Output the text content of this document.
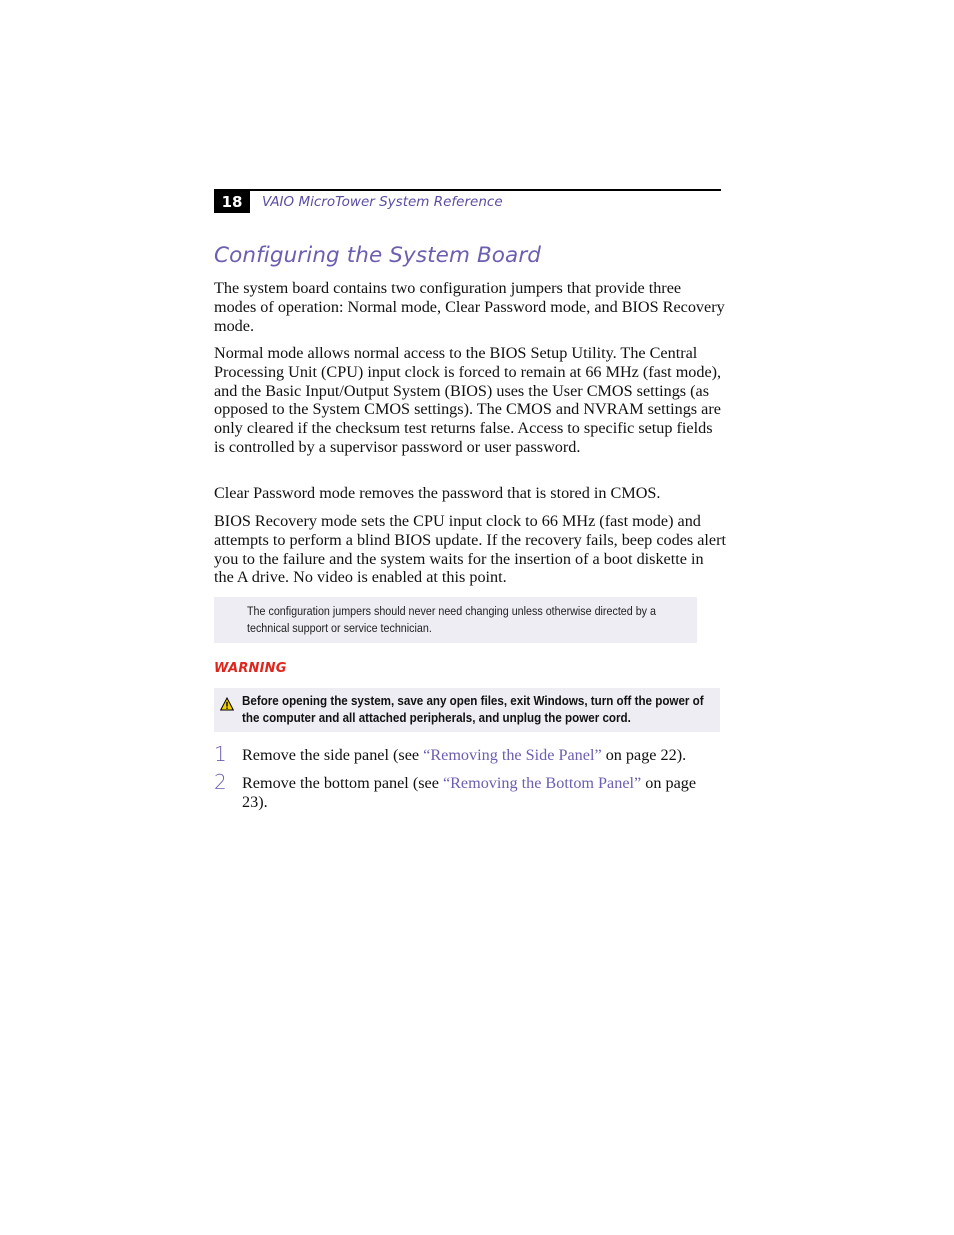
18	VAIO MicroTower System Reference
Configuring the System Board

The system board contains two configuration jumpers that provide three modes of operation: Normal mode, Clear Password mode, and BIOS Recovery mode.

Normal mode allows normal access to the BIOS Setup Utility. The Central Processing Unit (CPU) input clock is forced to remain at 66 MHz (fast mode), and the Basic Input/Output System (BIOS) uses the User CMOS settings (as opposed to the System CMOS settings). The CMOS and NVRAM settings are only cleared if the checksum test returns false. Access to specific setup fields is controlled by a supervisor password or user password.

Clear Password mode removes the password that is stored in CMOS.

BIOS Recovery mode sets the CPU input clock to 66 MHz (fast mode) and attempts to perform a blind BIOS update. If the recovery fails, beep codes alert you to the failure and the system waits for the insertion of a boot diskette in the A drive. No video is enabled at this point.

The configuration jumpers should never need changing unless otherwise directed by a technical support or service technician.

WARNING

Before opening the system, save any open files, exit Windows, turn off the power of the computer and all attached peripherals, and unplug the power cord.

1 Remove the side panel (see “Removing the Side Panel” on page 22).

2 Remove the bottom panel (see “Removing the Bottom Panel” on page 23).
